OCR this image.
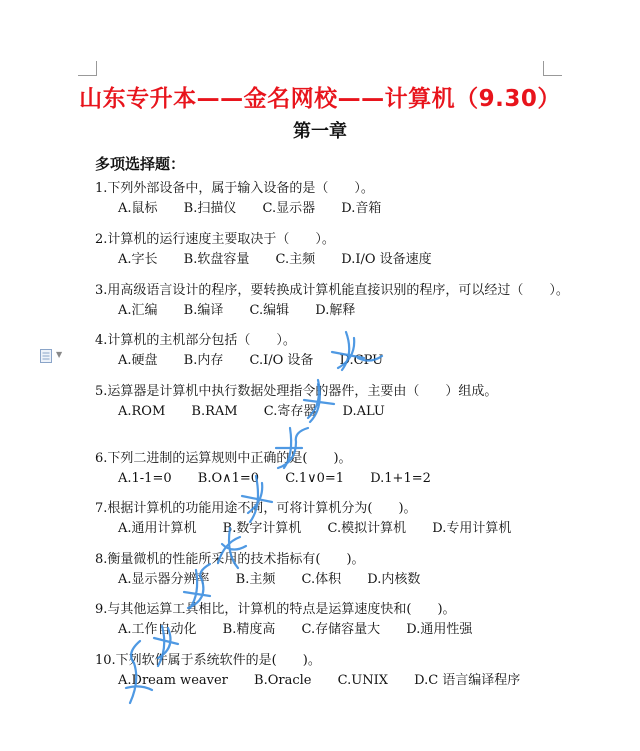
山东专升本——金名网校——计算机（9.30）
第一章
多项选择题：
▼
1.下列外部设备中，属于输入设备的是（　　）。
A.鼠标 B.扫描仪 C.显示器 D.音箱
2.计算机的运行速度主要取决于（　　）。
A.字长 B.软盘容量 C.主频 D.I/O 设备速度
3.用高级语言设计的程序，要转换成计算机能直接识别的程序，可以经过（　　）。
A.汇编 B.编译 C.编辑 D.解释
4.计算机的主机部分包括（　　）。
A.硬盘 B.内存 C.I/O 设备 D.CPU
5.运算器是计算机中执行数据处理指令的器件，主要由（　　）组成。
A.ROM B.RAM C.寄存器 D.ALU
6.下列二进制的运算规则中正确的是(　　)。
A.1-1=0 B.O∧1=0 C.1∨0=1 D.1+1=2
7.根据计算机的功能用途不同，可将计算机分为(　　)。
A.通用计算机 B.数字计算机 C.模拟计算机 D.专用计算机
8.衡量微机的性能所采用的技术指标有(　　)。
A.显示器分辨率 B.主频 C.体积 D.内核数
9.与其他运算工具相比，计算机的特点是运算速度快和(　　)。
A.工作自动化 B.精度高 C.存储容量大 D.通用性强
10.下列软件属于系统软件的是(　　)。
A.Dream weaver B.Oracle C.UNIX D.C 语言编译程序
